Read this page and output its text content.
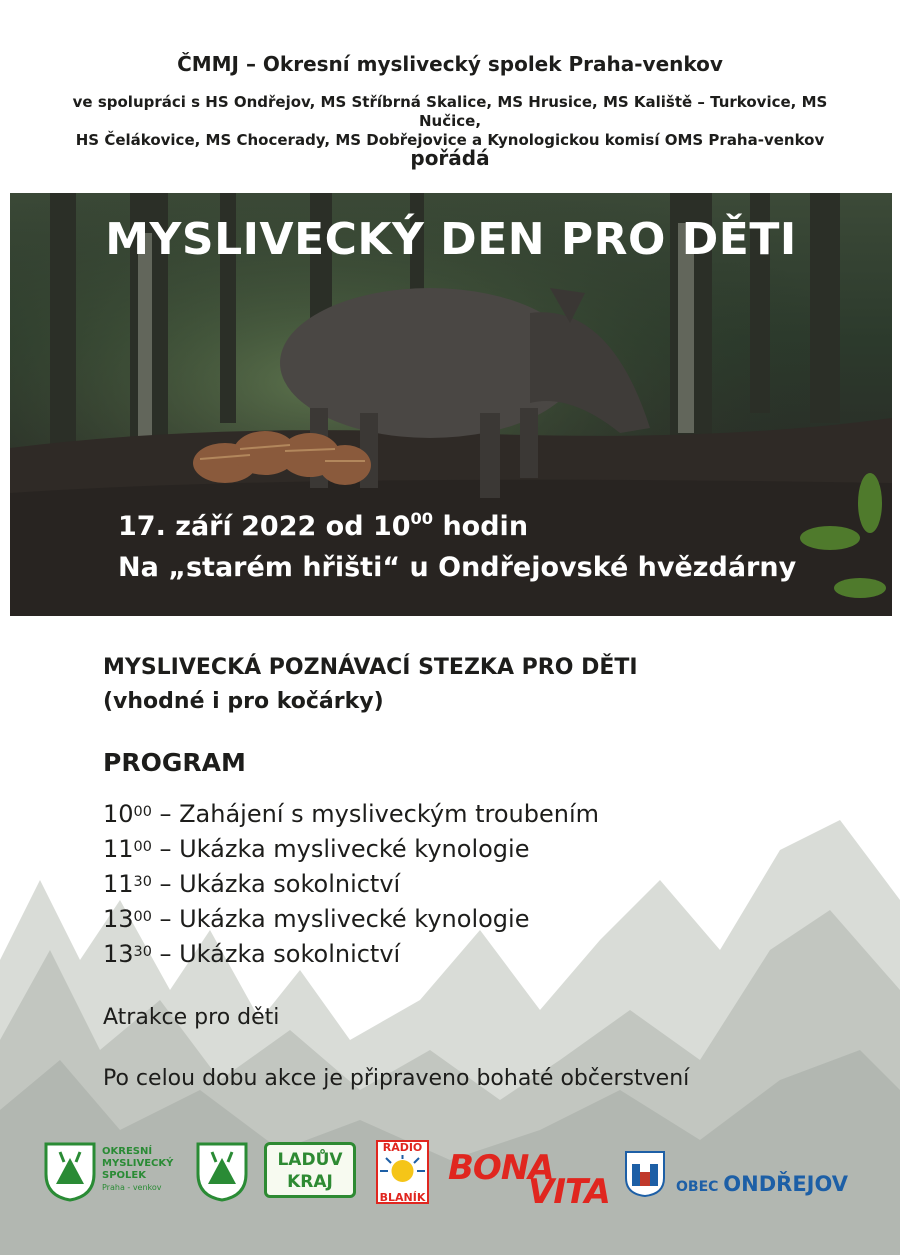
ČMMJ – Okresní myslivecký spolek Praha-venkov
ve spolupráci s HS Ondřejov, MS Stříbrná Skalice, MS Hrusice, MS Kaliště – Turkovice, MS Nučice,
HS Čelákovice, MS Chocerady, MS Dobřejovice a Kynologickou komisí OMS Praha-venkov
pořádá
MYSLIVECKÝ DEN PRO DĚTI
17. září 2022 od $10^{00}$ hodin
Na „starém hřišti“ u Ondřejovské hvězdárny
MYSLIVECKÁ POZNÁVACÍ STEZKA PRO DĚTI
(vhodné i pro kočárky)
PROGRAM
$10^{00}$ – Zahájení s mysliveckým troubením
$11^{00}$ – Ukázka myslivecké kynologie
$11^{30}$ – Ukázka sokolnictví
$13^{00}$ – Ukázka myslivecké kynologie
$13^{30}$ – Ukázka sokolnictví
Atrakce pro děti
Po celou dobu akce je připraveno bohaté občerstvení
OKRESNÍ
MYSLIVECKÝ
SPOLEK
Praha - venkov
LADŮV
KRAJ
RÁDIO
BLANÍK
BONA
VITA	OBEC ONDŘEJOV
